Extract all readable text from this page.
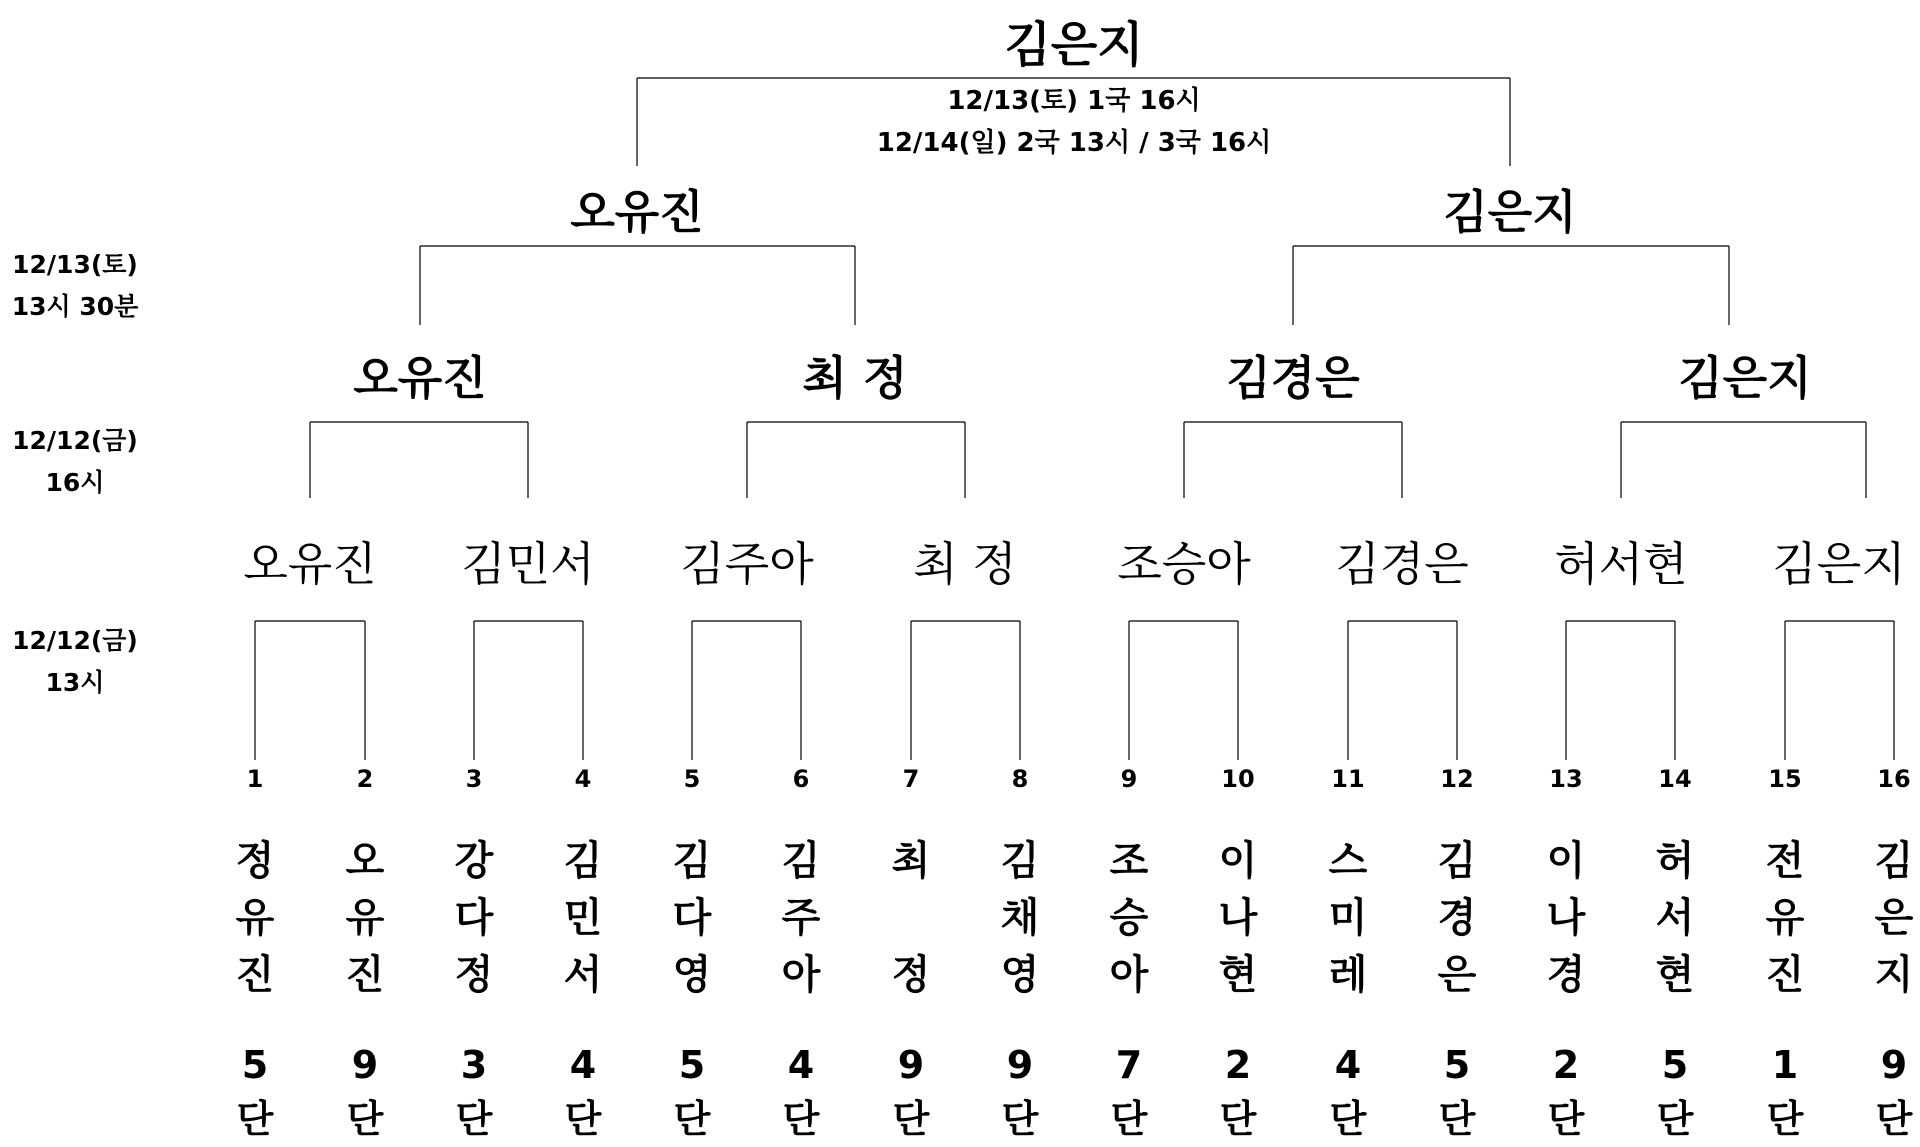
김은지
12/13(토) 1국 16시
12/14(일) 2국 13시 / 3국 16시
12/13(토)
13시 30분
12/12(금)
16시
12/12(금)
13시
오유진	김은지
오유진	최 정	김경은	김은지
오유진 김민서 김주아 최 정 조승아 김경은 허서현 김은지
1
정
유
진
5
단
2
오
유
진
9
단
3
강
다
정
3
단
4
김
민
서
4
단
5
김
다
영
5
단
6
김
주
아
4
단
7
최
정
9
단
8
김
채
영
9
단
9
조
승
아
7
단
10
이
나
현
2
단
11
스
미
레
4
단
12
김
경
은
5
단
13
이
나
경
2
단
14
허
서
현
5
단
15
전
유
진
1
단
16
김
은
지
9
단
